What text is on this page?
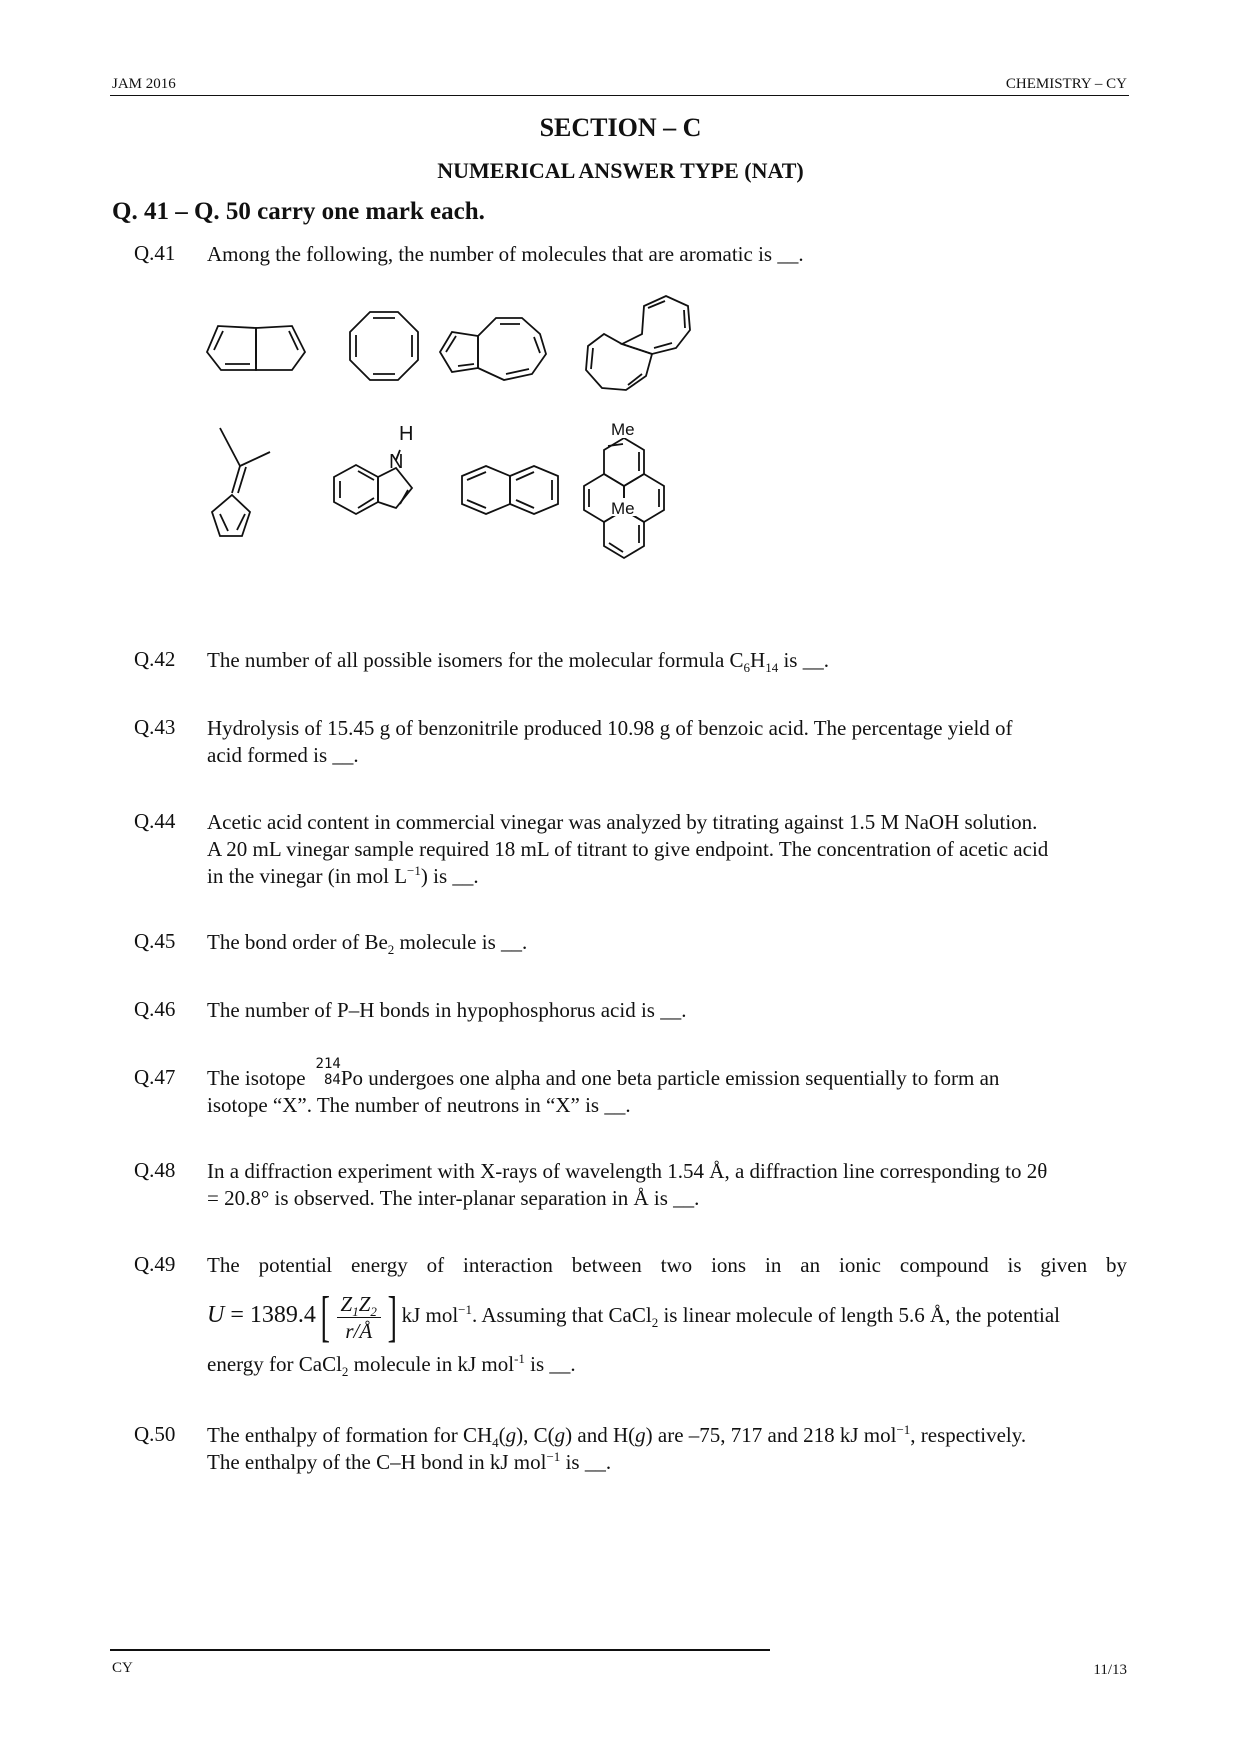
JAM 2016	CHEMISTRY – CY
SECTION – C
NUMERICAL ANSWER TYPE (NAT)
Q. 41 – Q. 50 carry one mark each.
Q.41 Among the following, the number of molecules that are aromatic is __.
N
H	Me
Me
Q.42 The number of all possible isomers for the molecular formula $C_6H_{14}$ is __.
Q.43 Hydrolysis of 15.45 g of benzonitrile produced 10.98 g of benzoic acid. The percentage yield of
acid formed is __.
Q.44 Acetic acid content in commercial vinegar was analyzed by titrating against 1.5 M NaOH solution.
A 20 mL vinegar sample required 18 mL of titrant to give endpoint. The concentration of acetic acid
in the vinegar (in mol $L^{-1}$) is __.
Q.45 The bond order of $Be_2$ molecule is __.
Q.46 The number of P–H bonds in hypophosphorus acid is __.
Q.47 The isotope
214
84 Po undergoes one alpha and one beta particle emission sequentially to form an
isotope “X”. The number of neutrons in “X” is __.
Q.48 In a diffraction experiment with X-rays of wavelength 1.54 Å, a diffraction line corresponding to 2θ
= 20.8° is observed. The inter-planar separation in Å is __.
Q.49 The potential energy of interaction between two ions in an ionic compound is given by
$U = 1389.4[ \frac{Z_1Z_2}{r/Å}$ ] kJ mol$^{-1}$. Assuming that CaCl$_2$ is linear molecule of length 5.6 Å, the potential
energy for CaCl$_2$ molecule in kJ mol$^{-1}$ is __.
Q.50 The enthalpy of formation for $CH_4(g)$, C(g) and H(g) are –75, 717 and 218 kJ mol$^{-1}$, respectively.
The enthalpy of the C–H bond in kJ mol$^{-1}$ is __.
CY	11/13
